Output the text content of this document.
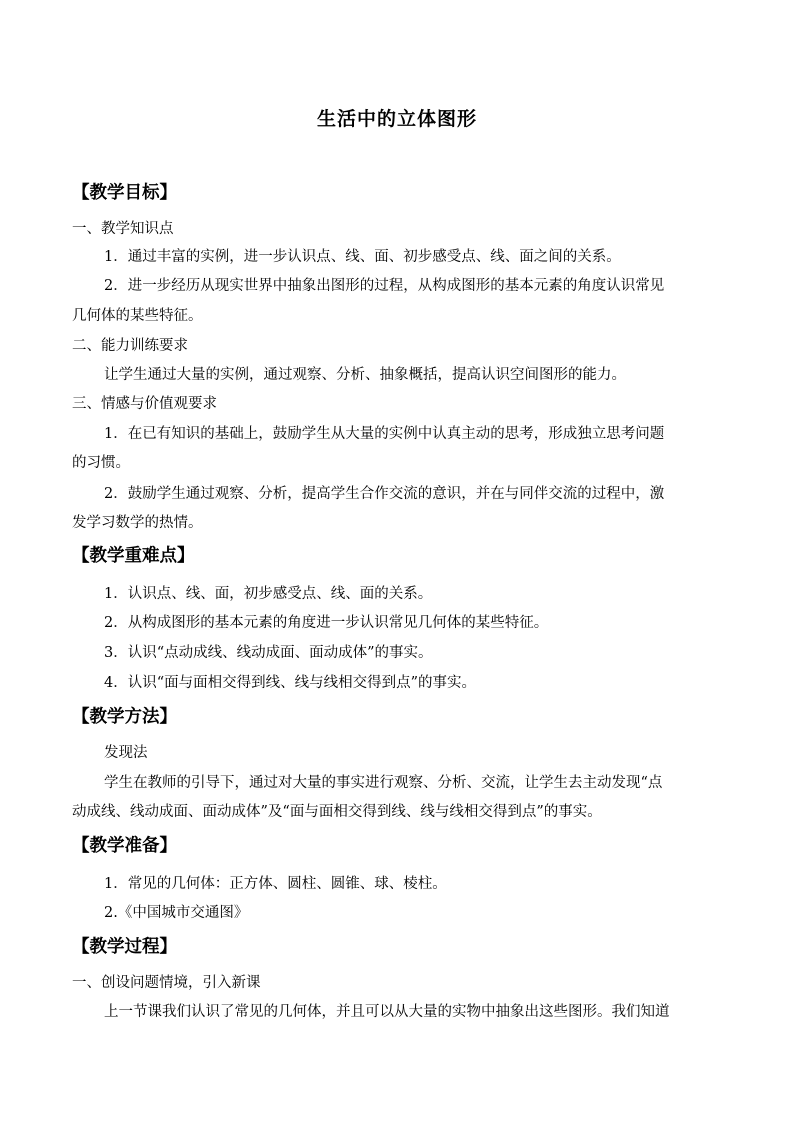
生活中的立体图形
【教学目标】
一、教学知识点
1．通过丰富的实例，进一步认识点、线、面、初步感受点、线、面之间的关系。
2．进一步经历从现实世界中抽象出图形的过程，从构成图形的基本元素的角度认识常见
几何体的某些特征。
二、能力训练要求
让学生通过大量的实例，通过观察、分析、抽象概括，提高认识空间图形的能力。
三、情感与价值观要求
1．在已有知识的基础上，鼓励学生从大量的实例中认真主动的思考，形成独立思考问题
的习惯。
2．鼓励学生通过观察、分析，提高学生合作交流的意识，并在与同伴交流的过程中，激
发学习数学的热情。
【教学重难点】
1．认识点、线、面，初步感受点、线、面的关系。
2．从构成图形的基本元素的角度进一步认识常见几何体的某些特征。
3．认识“点动成线、线动成面、面动成体”的事实。
4．认识“面与面相交得到线、线与线相交得到点”的事实。
【教学方法】
发现法
学生在教师的引导下，通过对大量的事实进行观察、分析、交流，让学生去主动发现“点
动成线、线动成面、面动成体”及“面与面相交得到线、线与线相交得到点”的事实。
【教学准备】
1．常见的几何体：正方体、圆柱、圆锥、球、棱柱。
2.《中国城市交通图》
【教学过程】
一、创设问题情境，引入新课
上一节课我们认识了常见的几何体，并且可以从大量的实物中抽象出这些图形。我们知道
